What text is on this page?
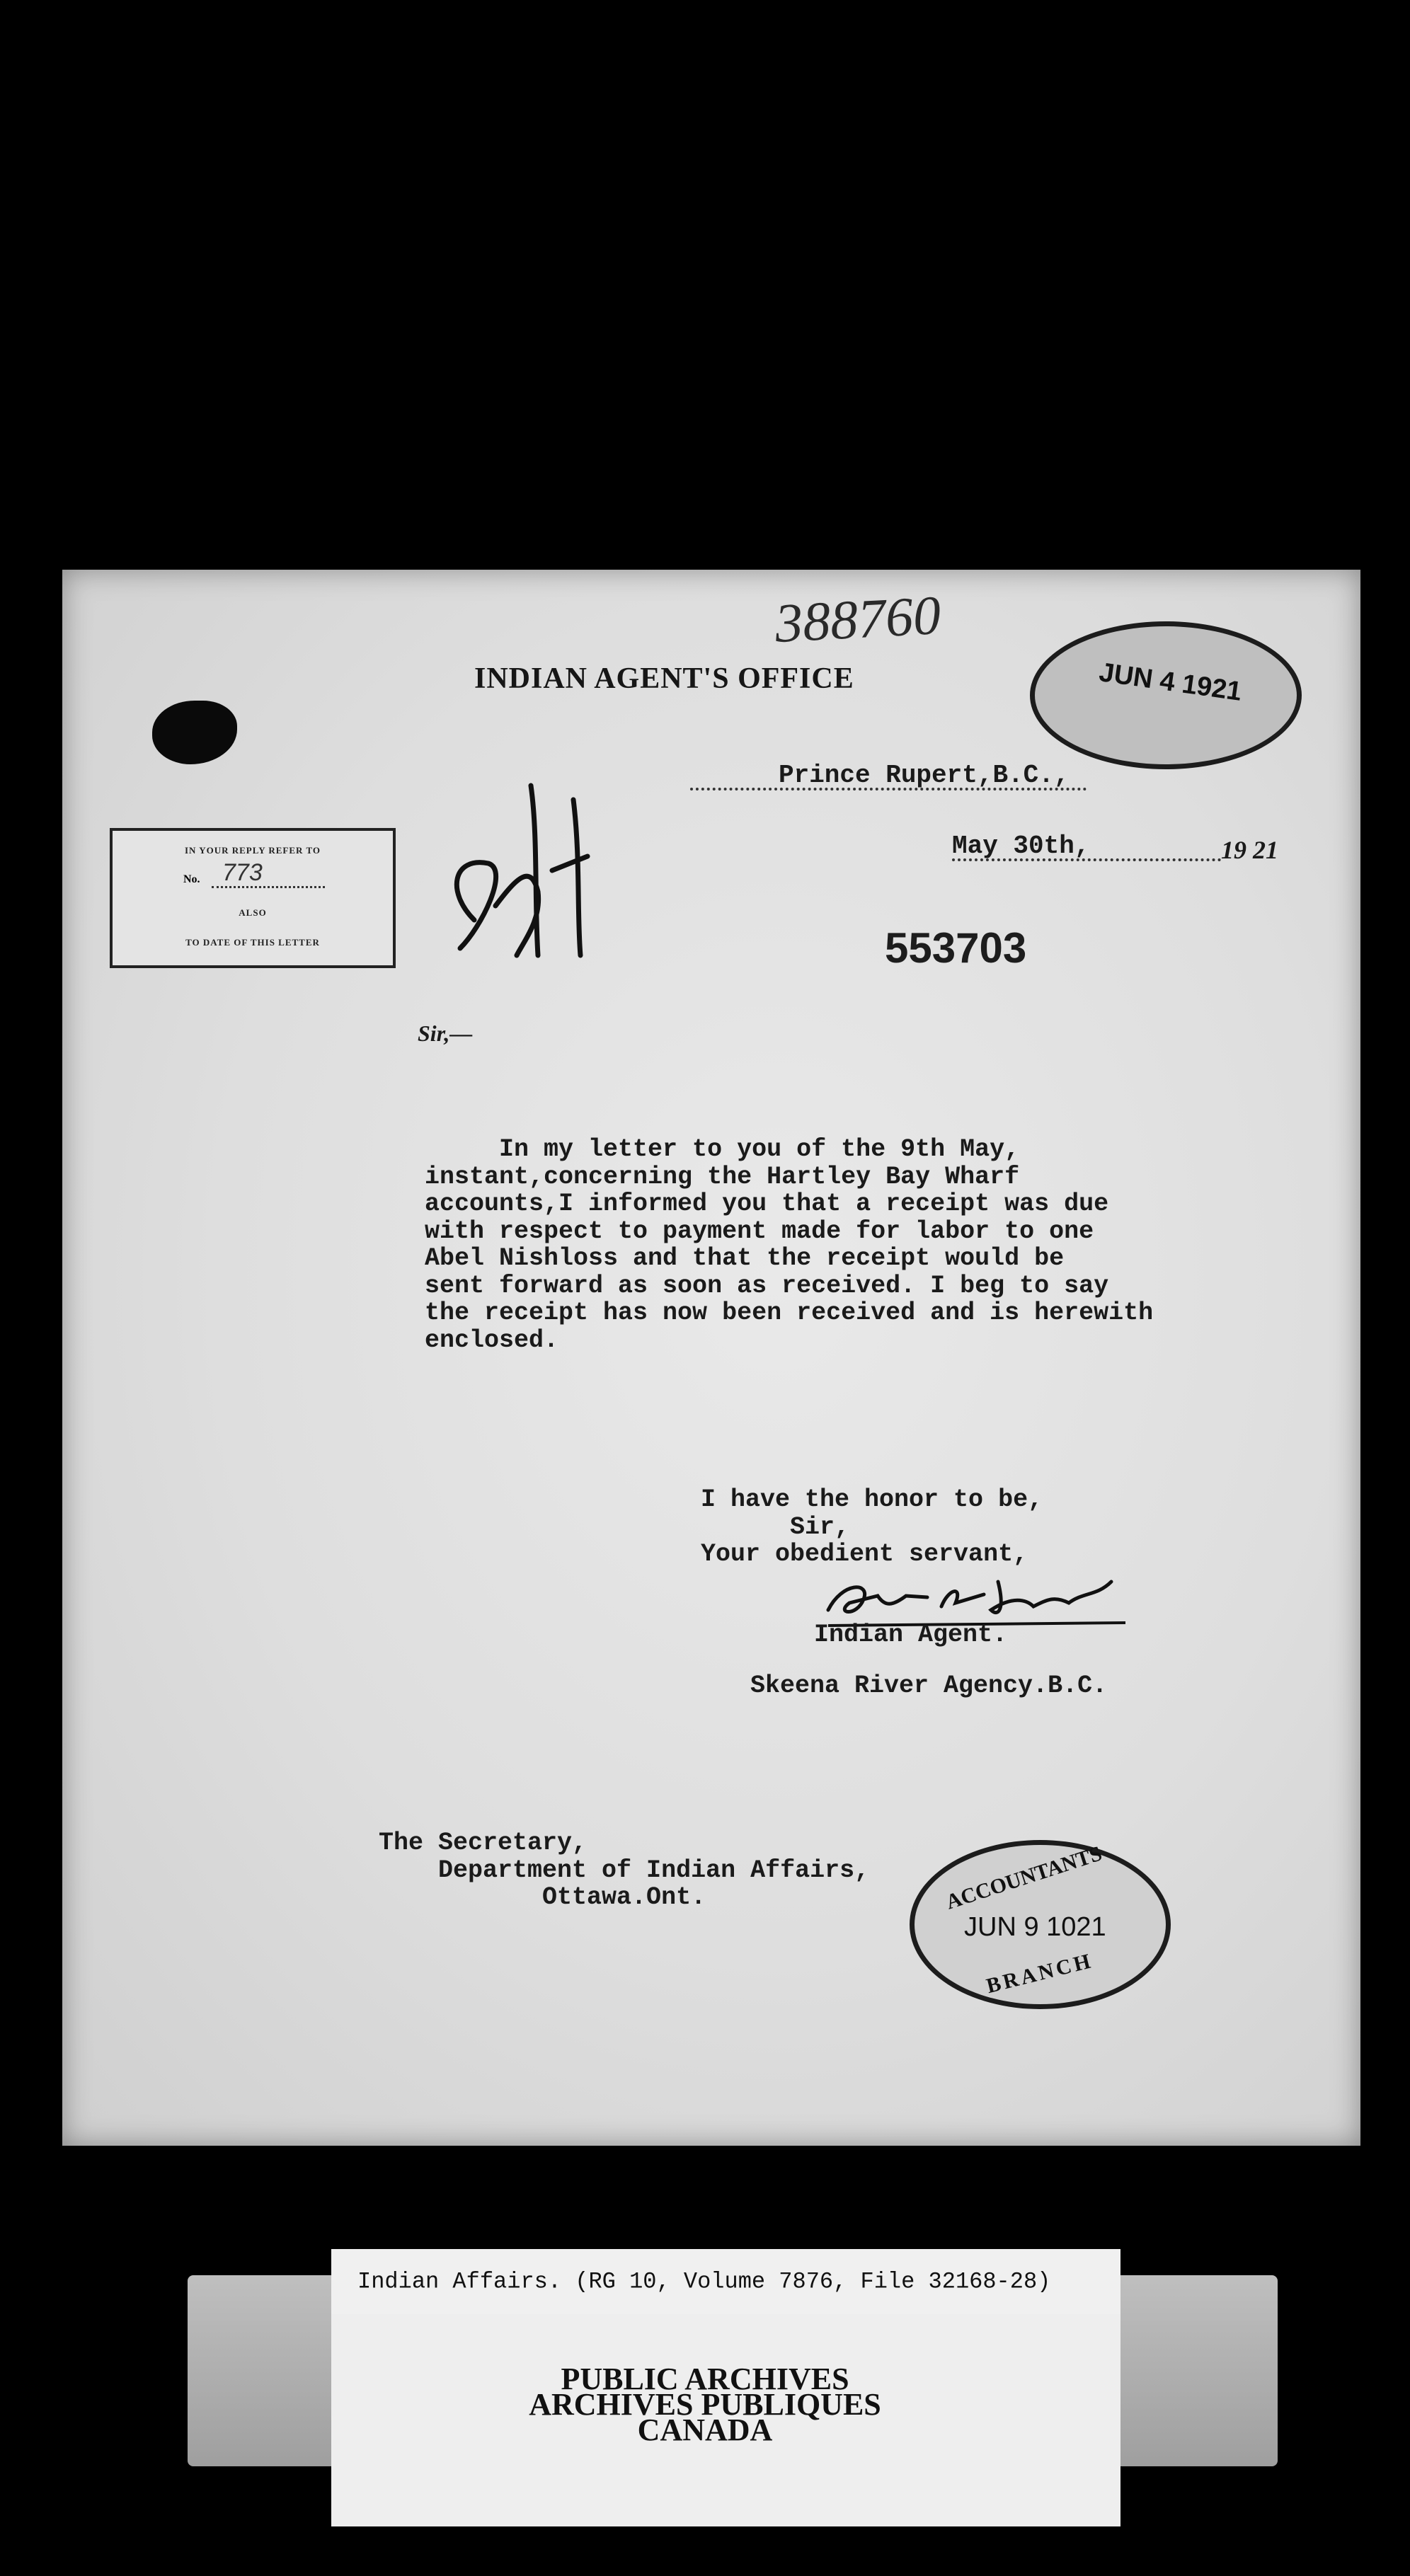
388760
INDIAN AGENT'S OFFICE	JUN 4 1921
Prince Rupert,B.C.,
May 30th,	19 21
IN YOUR REPLY REFER TO
No. 773
ALSO
TO DATE OF THIS LETTER	553703
Sir,—
In my letter to you of the 9th May,
instant,concerning the Hartley Bay Wharf
accounts,I informed you that a receipt was due
with respect to payment made for labor to one
Abel Nishloss and that the receipt would be
sent forward as soon as received. I beg to say
the receipt has now been received and is herewith
enclosed.
I have the honor to be,
Sir,
Your obedient servant,
Indian Agent.
Skeena River Agency.B.C.
The Secretary,
Department of Indian Affairs,
Ottawa.Ont.	ACCOUNTANTS
JUN 9 1021
BRANCH
Indian Affairs. (RG 10, Volume 7876, File 32168-28)
PUBLIC ARCHIVES
ARCHIVES PUBLIQUES
CANADA
